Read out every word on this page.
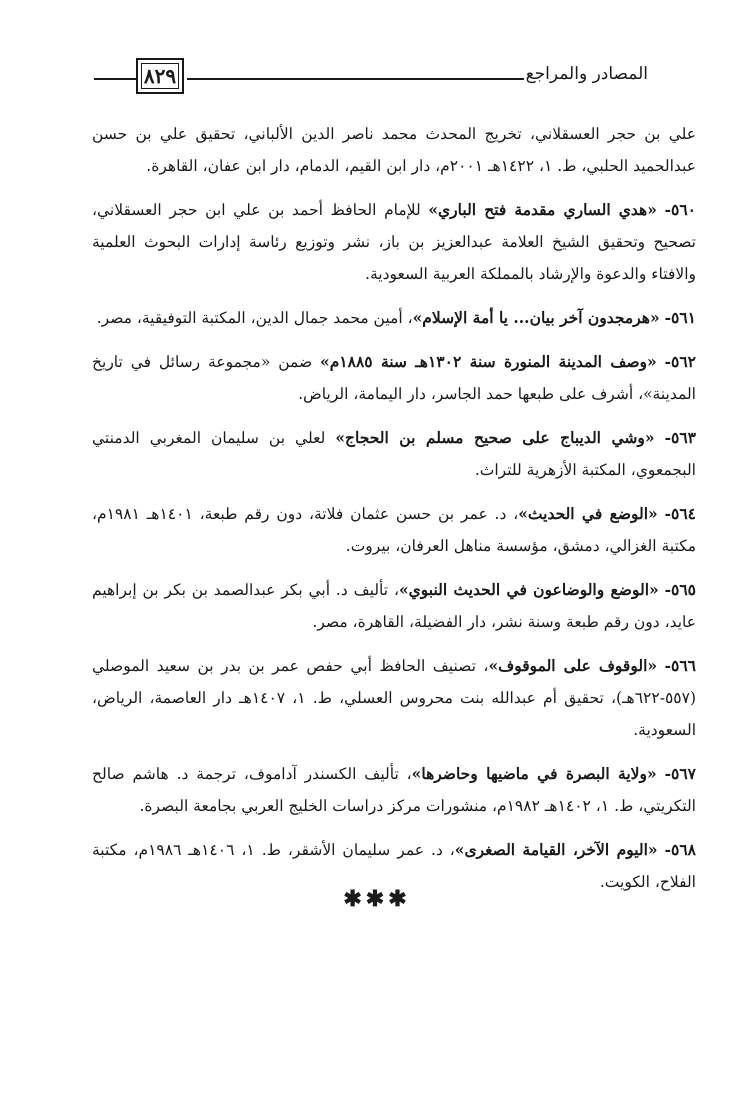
٨٢٩	المصادر والمراجع

علي بن حجر العسقلاني، تخريج المحدث محمد ناصر الدين الألباني، تحقيق علي بن حسن عبدالحميد الحلبي، ط. ١، ١٤٢٢هـ ٢٠٠١م، دار ابن القيم، الدمام، دار ابن عفان، القاهرة.

٥٦٠- «هدي الساري مقدمة فتح الباري» للإمام الحافظ أحمد بن علي ابن حجر العسقلاني، تصحيح وتحقيق الشيخ العلامة عبدالعزيز بن باز، نشر وتوزيع رئاسة إدارات البحوث العلمية والافتاء والدعوة والإرشاد بالمملكة العربية السعودية.

٥٦١- «هرمجدون آخر بيان... يا أمة الإسلام»، أمين محمد جمال الدين، المكتبة التوفيقية، مصر.

٥٦٢- «وصف المدينة المنورة سنة ١٣٠٢هـ سنة ١٨٨٥م» ضمن «مجموعة رسائل في تاريخ المدينة»، أشرف على طبعها حمد الجاسر، دار اليمامة، الرياض.

٥٦٣- «وشي الديباج على صحيح مسلم بن الحجاج» لعلي بن سليمان المغربي الدمنتي البجمعوي، المكتبة الأزهرية للتراث.

٥٦٤- «الوضع في الحديث»، د. عمر بن حسن عثمان فلاتة، دون رقم طبعة، ١٤٠١هـ ١٩٨١م، مكتبة الغزالي، دمشق، مؤسسة مناهل العرفان، بيروت.

٥٦٥- «الوضع والوضاعون في الحديث النبوي»، تأليف د. أبي بكر عبدالصمد بن بكر بن إبراهيم عايد، دون رقم طبعة وسنة نشر، دار الفضيلة، القاهرة، مصر.

٥٦٦- «الوقوف على الموقوف»، تصنيف الحافظ أبي حفص عمر بن بدر بن سعيد الموصلي (٥٥٧-٦٢٢هـ)، تحقيق أم عبدالله بنت محروس العسلي، ط. ١، ١٤٠٧هـ دار العاصمة، الرياض، السعودية.

٥٦٧- «ولاية البصرة في ماضيها وحاضرها»، تأليف الكسندر آداموف، ترجمة د. هاشم صالح التكريتي، ط. ١، ١٤٠٢هـ ١٩٨٢م، منشورات مركز دراسات الخليج العربي بجامعة البصرة.

٥٦٨- «اليوم الآخر، القيامة الصغرى»، د. عمر سليمان الأشقر، ط. ١، ١٤٠٦هـ ١٩٨٦م، مكتبة الفلاح، الكويت.

✱✱✱
